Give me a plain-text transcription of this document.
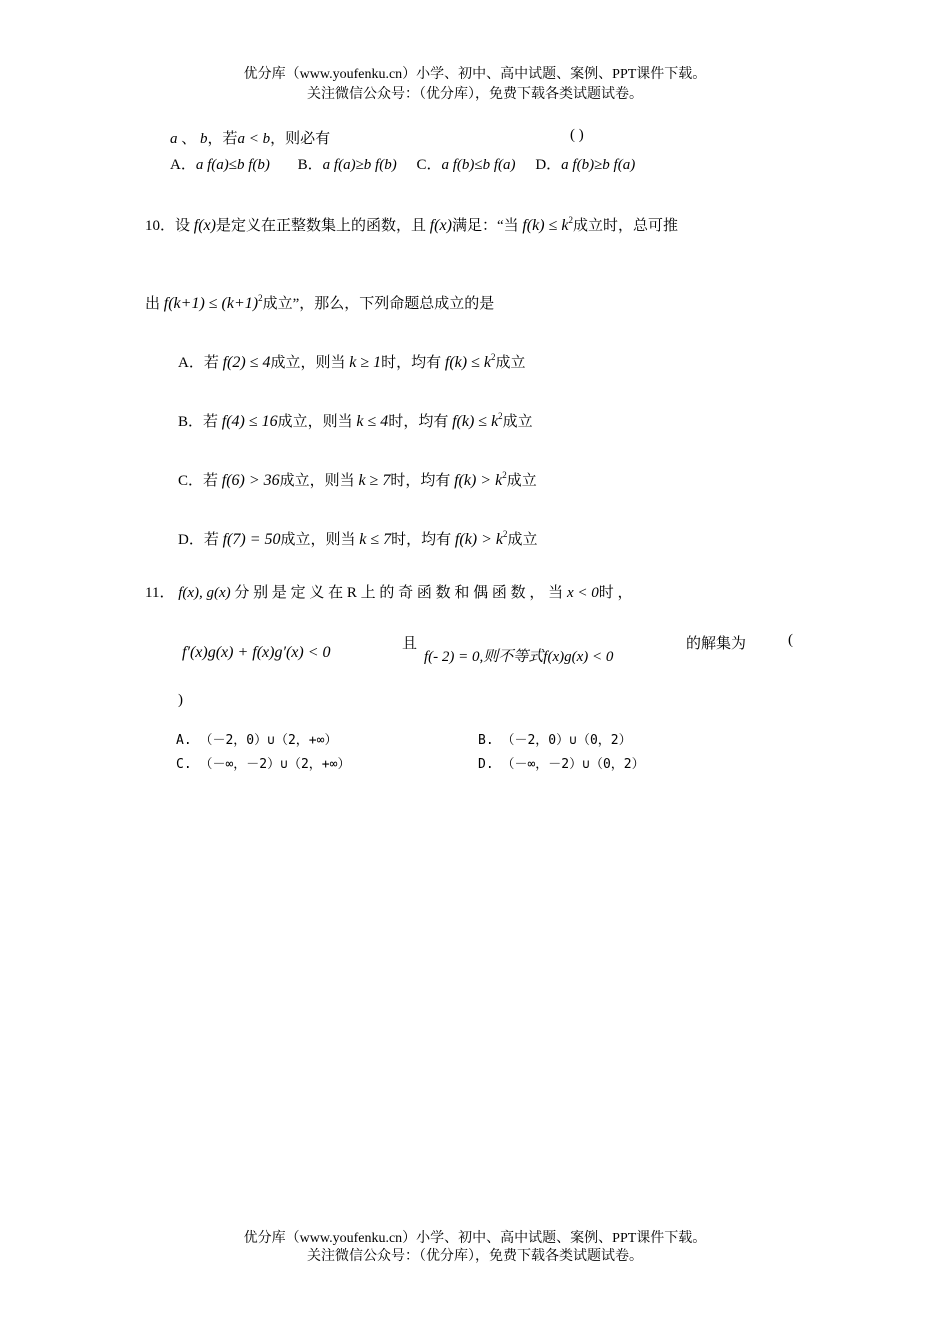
优分库（www.youfenku.cn）小学、初中、高中试题、案例、PPT课件下载。
关注微信公众号：（优分库），免费下载各类试题试卷。
a 、 b，若a < b，则必有	( )
A．a f(a)≤b f(b) B．a f(a)≥b f(b) C．a f(b)≤b f(a) D．a f(b)≥b f(a)
10．设 f(x)是定义在正整数集上的函数，且 f(x)满足：“当 $f(k) \le k^2$成立时，总可推
出 $f(k+1) \le (k+1)^2$成立”，那么，下列命题总成立的是
A．若 f(2) ≤ 4成立，则当 k ≥ 1时，均有 $f(k) \le k^2$成立
B．若 f(4) ≤ 16成立，则当 k ≤ 4时，均有 $f(k) \le k^2$成立
C．若 f(6) > 36成立，则当 k ≥ 7时，均有 $f(k) > k^2$成立
D．若 f(7) = 50成立，则当 k ≤ 7时，均有 $f(k) > k^2$成立
11． f(x), g(x) 分 别 是 定 义 在 R 上 的 奇 函 数 和 偶 函 数 ， 当 x < 0时 ，
f′(x)g(x) + f(x)g′(x) < 0	且
f(- 2) = 0,则不等式f(x)g(x) < 0
的解集为	(
)
A. （－2，0）∪（2，+∞）	B. （－2，0）∪（0，2）
C. （－∞，－2）∪（2，+∞）	D. （－∞，－2）∪（0，2）
优分库（www.youfenku.cn）小学、初中、高中试题、案例、PPT课件下载。
关注微信公众号：（优分库），免费下载各类试题试卷。
